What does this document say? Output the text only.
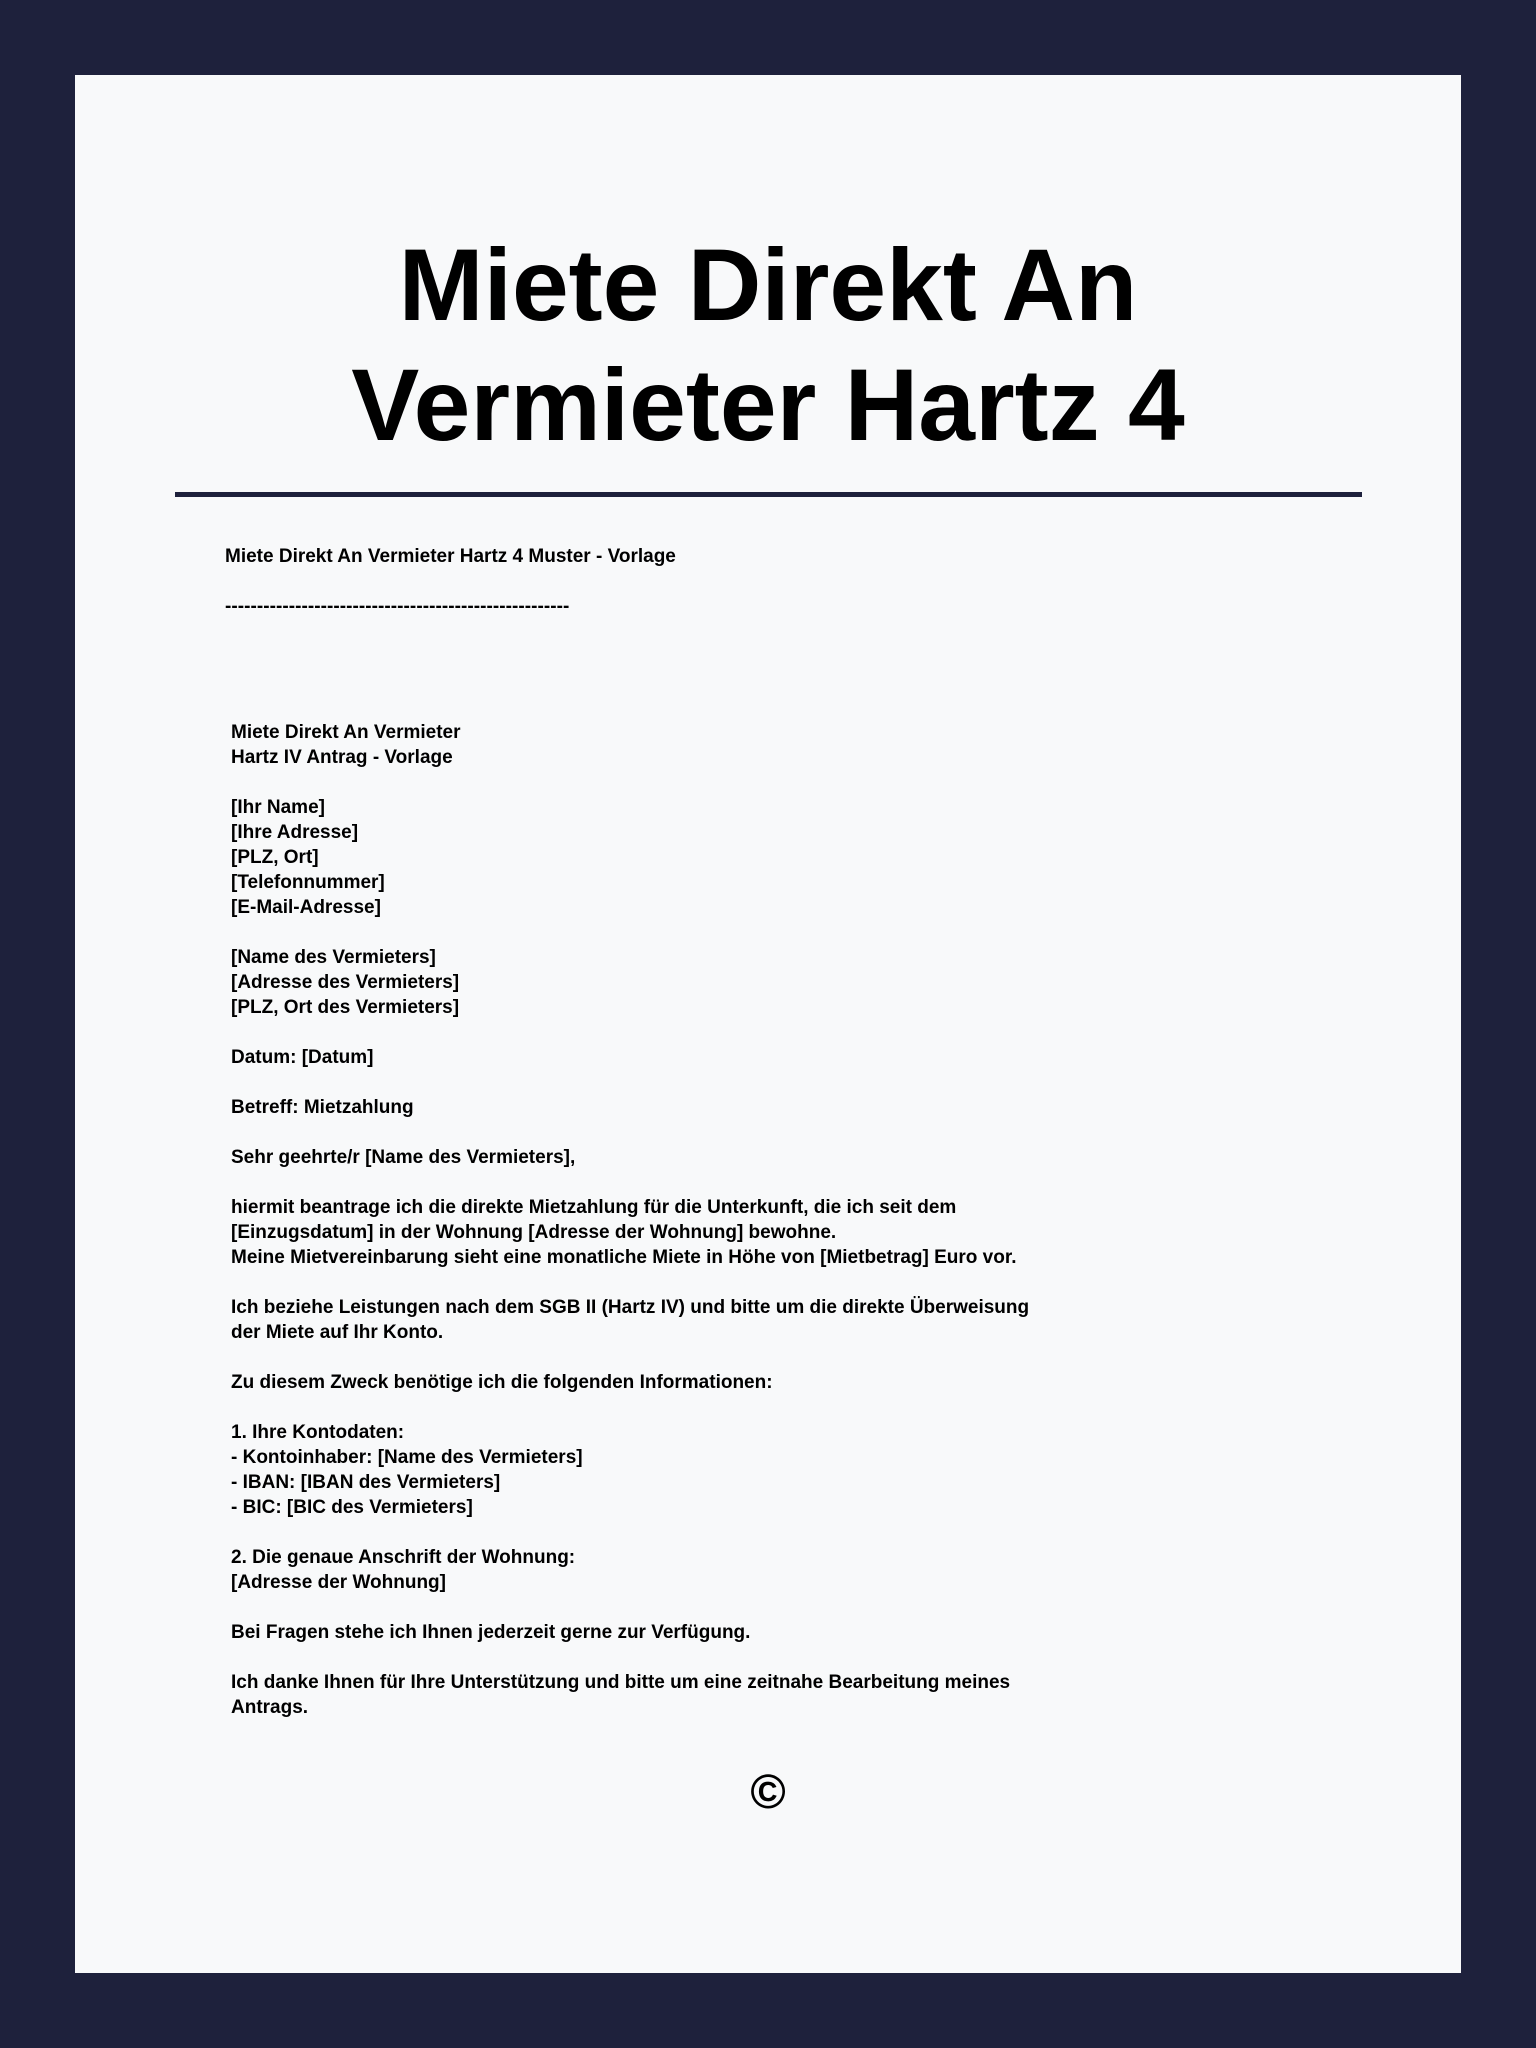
Miete Direkt An
Vermieter Hartz 4
Miete Direkt An Vermieter Hartz 4 Muster - Vorlage
------------------------------------------------------
Miete Direkt An Vermieter
Hartz IV Antrag - Vorlage
[Ihr Name]
[Ihre Adresse]
[PLZ, Ort]
[Telefonnummer]
[E-Mail-Adresse]
[Name des Vermieters]
[Adresse des Vermieters]
[PLZ, Ort des Vermieters]
Datum: [Datum]
Betreff: Mietzahlung
Sehr geehrte/r [Name des Vermieters],
hiermit beantrage ich die direkte Mietzahlung für die Unterkunft, die ich seit dem
[Einzugsdatum] in der Wohnung [Adresse der Wohnung] bewohne.
Meine Mietvereinbarung sieht eine monatliche Miete in Höhe von [Mietbetrag] Euro vor.
Ich beziehe Leistungen nach dem SGB II (Hartz IV) und bitte um die direkte Überweisung
der Miete auf Ihr Konto.
Zu diesem Zweck benötige ich die folgenden Informationen:
1. Ihre Kontodaten:
- Kontoinhaber: [Name des Vermieters]
- IBAN: [IBAN des Vermieters]
- BIC: [BIC des Vermieters]
2. Die genaue Anschrift der Wohnung:
[Adresse der Wohnung]
Bei Fragen stehe ich Ihnen jederzeit gerne zur Verfügung.
Ich danke Ihnen für Ihre Unterstützung und bitte um eine zeitnahe Bearbeitung meines
Antrags.
©
